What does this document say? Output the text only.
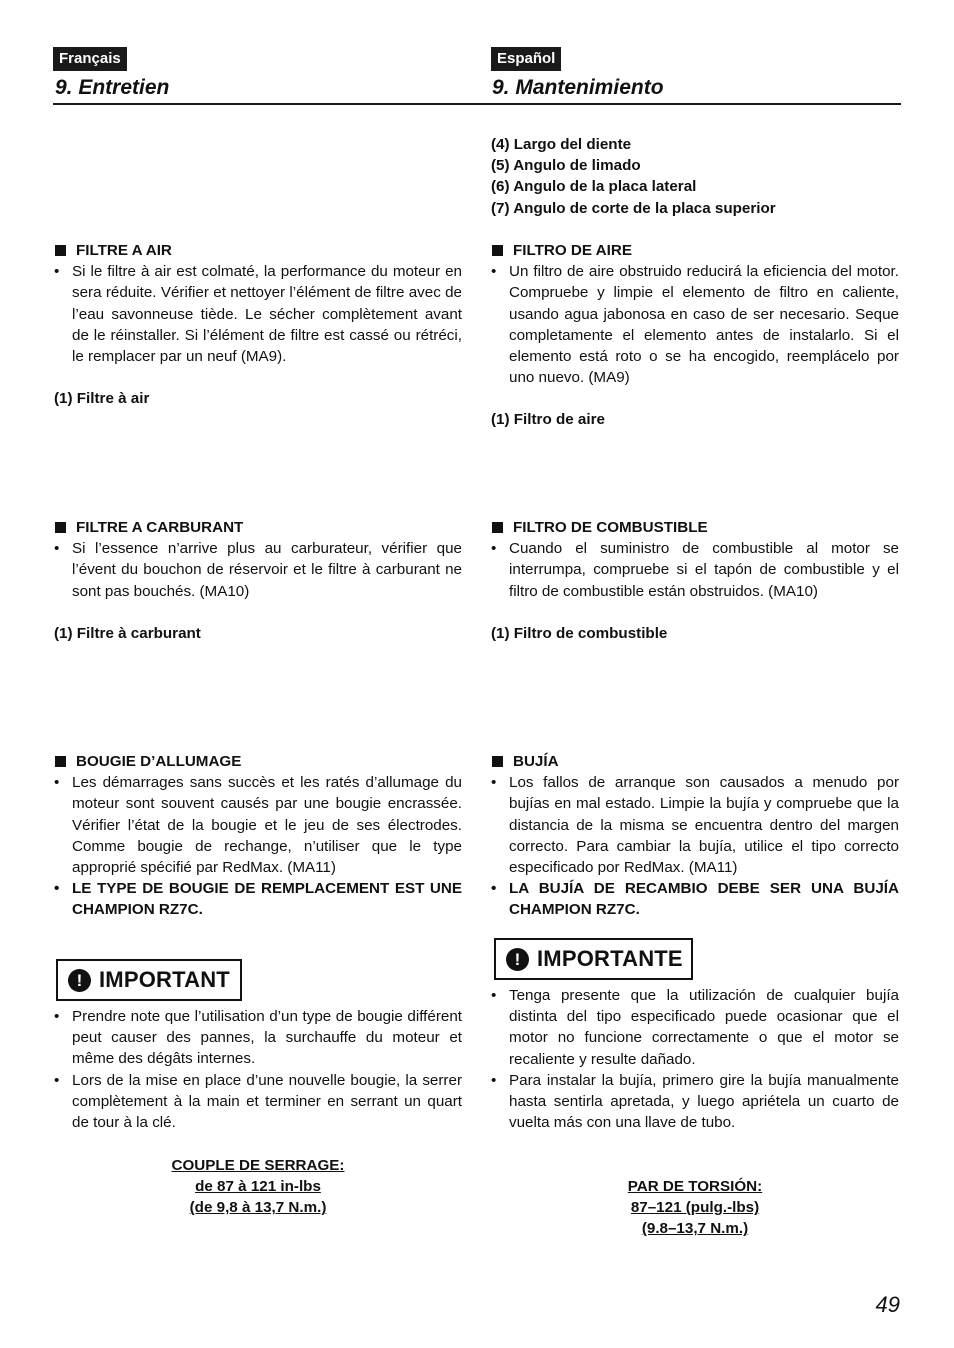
Français	Español
9. Entretien	9. Mantenimiento

(4) Largo del diente

(5) Angulo de limado

(6) Angulo de la placa lateral

(7) Angulo de corte de la placa superior

FILTRE A AIR

• Si le filtre à air est colmaté, la performance du moteur en sera réduite. Vérifier et nettoyer l’élément de filtre avec de l’eau savonneuse tiède. Le sécher complètement avant de le réinstaller. Si l’élément de filtre est cassé ou rétréci, le remplacer par un neuf (MA9).

(1) Filtre à air

FILTRO DE AIRE

• Un filtro de aire obstruido reducirá la eficiencia del motor. Compruebe y limpie el elemento de filtro en caliente, usando agua jabonosa en caso de ser necesario. Seque completamente el elemento antes de instalarlo. Si el elemento está roto o se ha encogido, reemplácelo por uno nuevo. (MA9)

(1) Filtro de aire

FILTRE A CARBURANT

• Si l’essence n’arrive plus au carburateur, vérifier que l’évent du bouchon de réservoir et le filtre à carburant ne sont pas bouchés. (MA10)

(1) Filtre à carburant

FILTRO DE COMBUSTIBLE

• Cuando el suministro de combustible al motor se interrumpa, compruebe si el tapón de combustible y el filtro de combustible están obstruidos. (MA10)

(1) Filtro de combustible

BOUGIE D’ALLUMAGE

• Les démarrages sans succès et les ratés d’allumage du moteur sont souvent causés par une bougie encrassée. Vérifier l’état de la bougie et le jeu de ses électrodes. Comme bougie de rechange, n’utiliser que le type approprié spécifié par RedMax. (MA11)

• LE TYPE DE BOUGIE DE REMPLACEMENT EST UNE CHAMPION RZ7C.

! IMPORTANT

• Prendre note que l’utilisation d’un type de bougie différent peut causer des pannes, la surchauffe du moteur et même des dégâts internes.

• Lors de la mise en place d’une nouvelle bougie, la serrer complètement à la main et terminer en serrant un quart de tour à la clé.

COUPLE DE SERRAGE:

de 87 à 121 in-lbs

(de 9,8 à 13,7 N.m.)

BUJÍA

• Los fallos de arranque son causados a menudo por bujías en mal estado. Limpie la bujía y compruebe que la distancia de la misma se encuentra dentro del margen correcto. Para cambiar la bujía, utilice el tipo correcto especificado por RedMax. (MA11)

• LA BUJÍA DE RECAMBIO DEBE SER UNA BUJÍA CHAMPION RZ7C.

! IMPORTANTE

• Tenga presente que la utilización de cualquier bujía distinta del tipo especificado puede ocasionar que el motor no funcione correctamente o que el motor se recaliente y resulte dañado.

• Para instalar la bujía, primero gire la bujía manualmente hasta sentirla apretada, y luego apriétela un cuarto de vuelta más con una llave de tubo.

PAR DE TORSIÓN:

87–121 (pulg.-lbs)

(9.8–13,7 N.m.)

49
